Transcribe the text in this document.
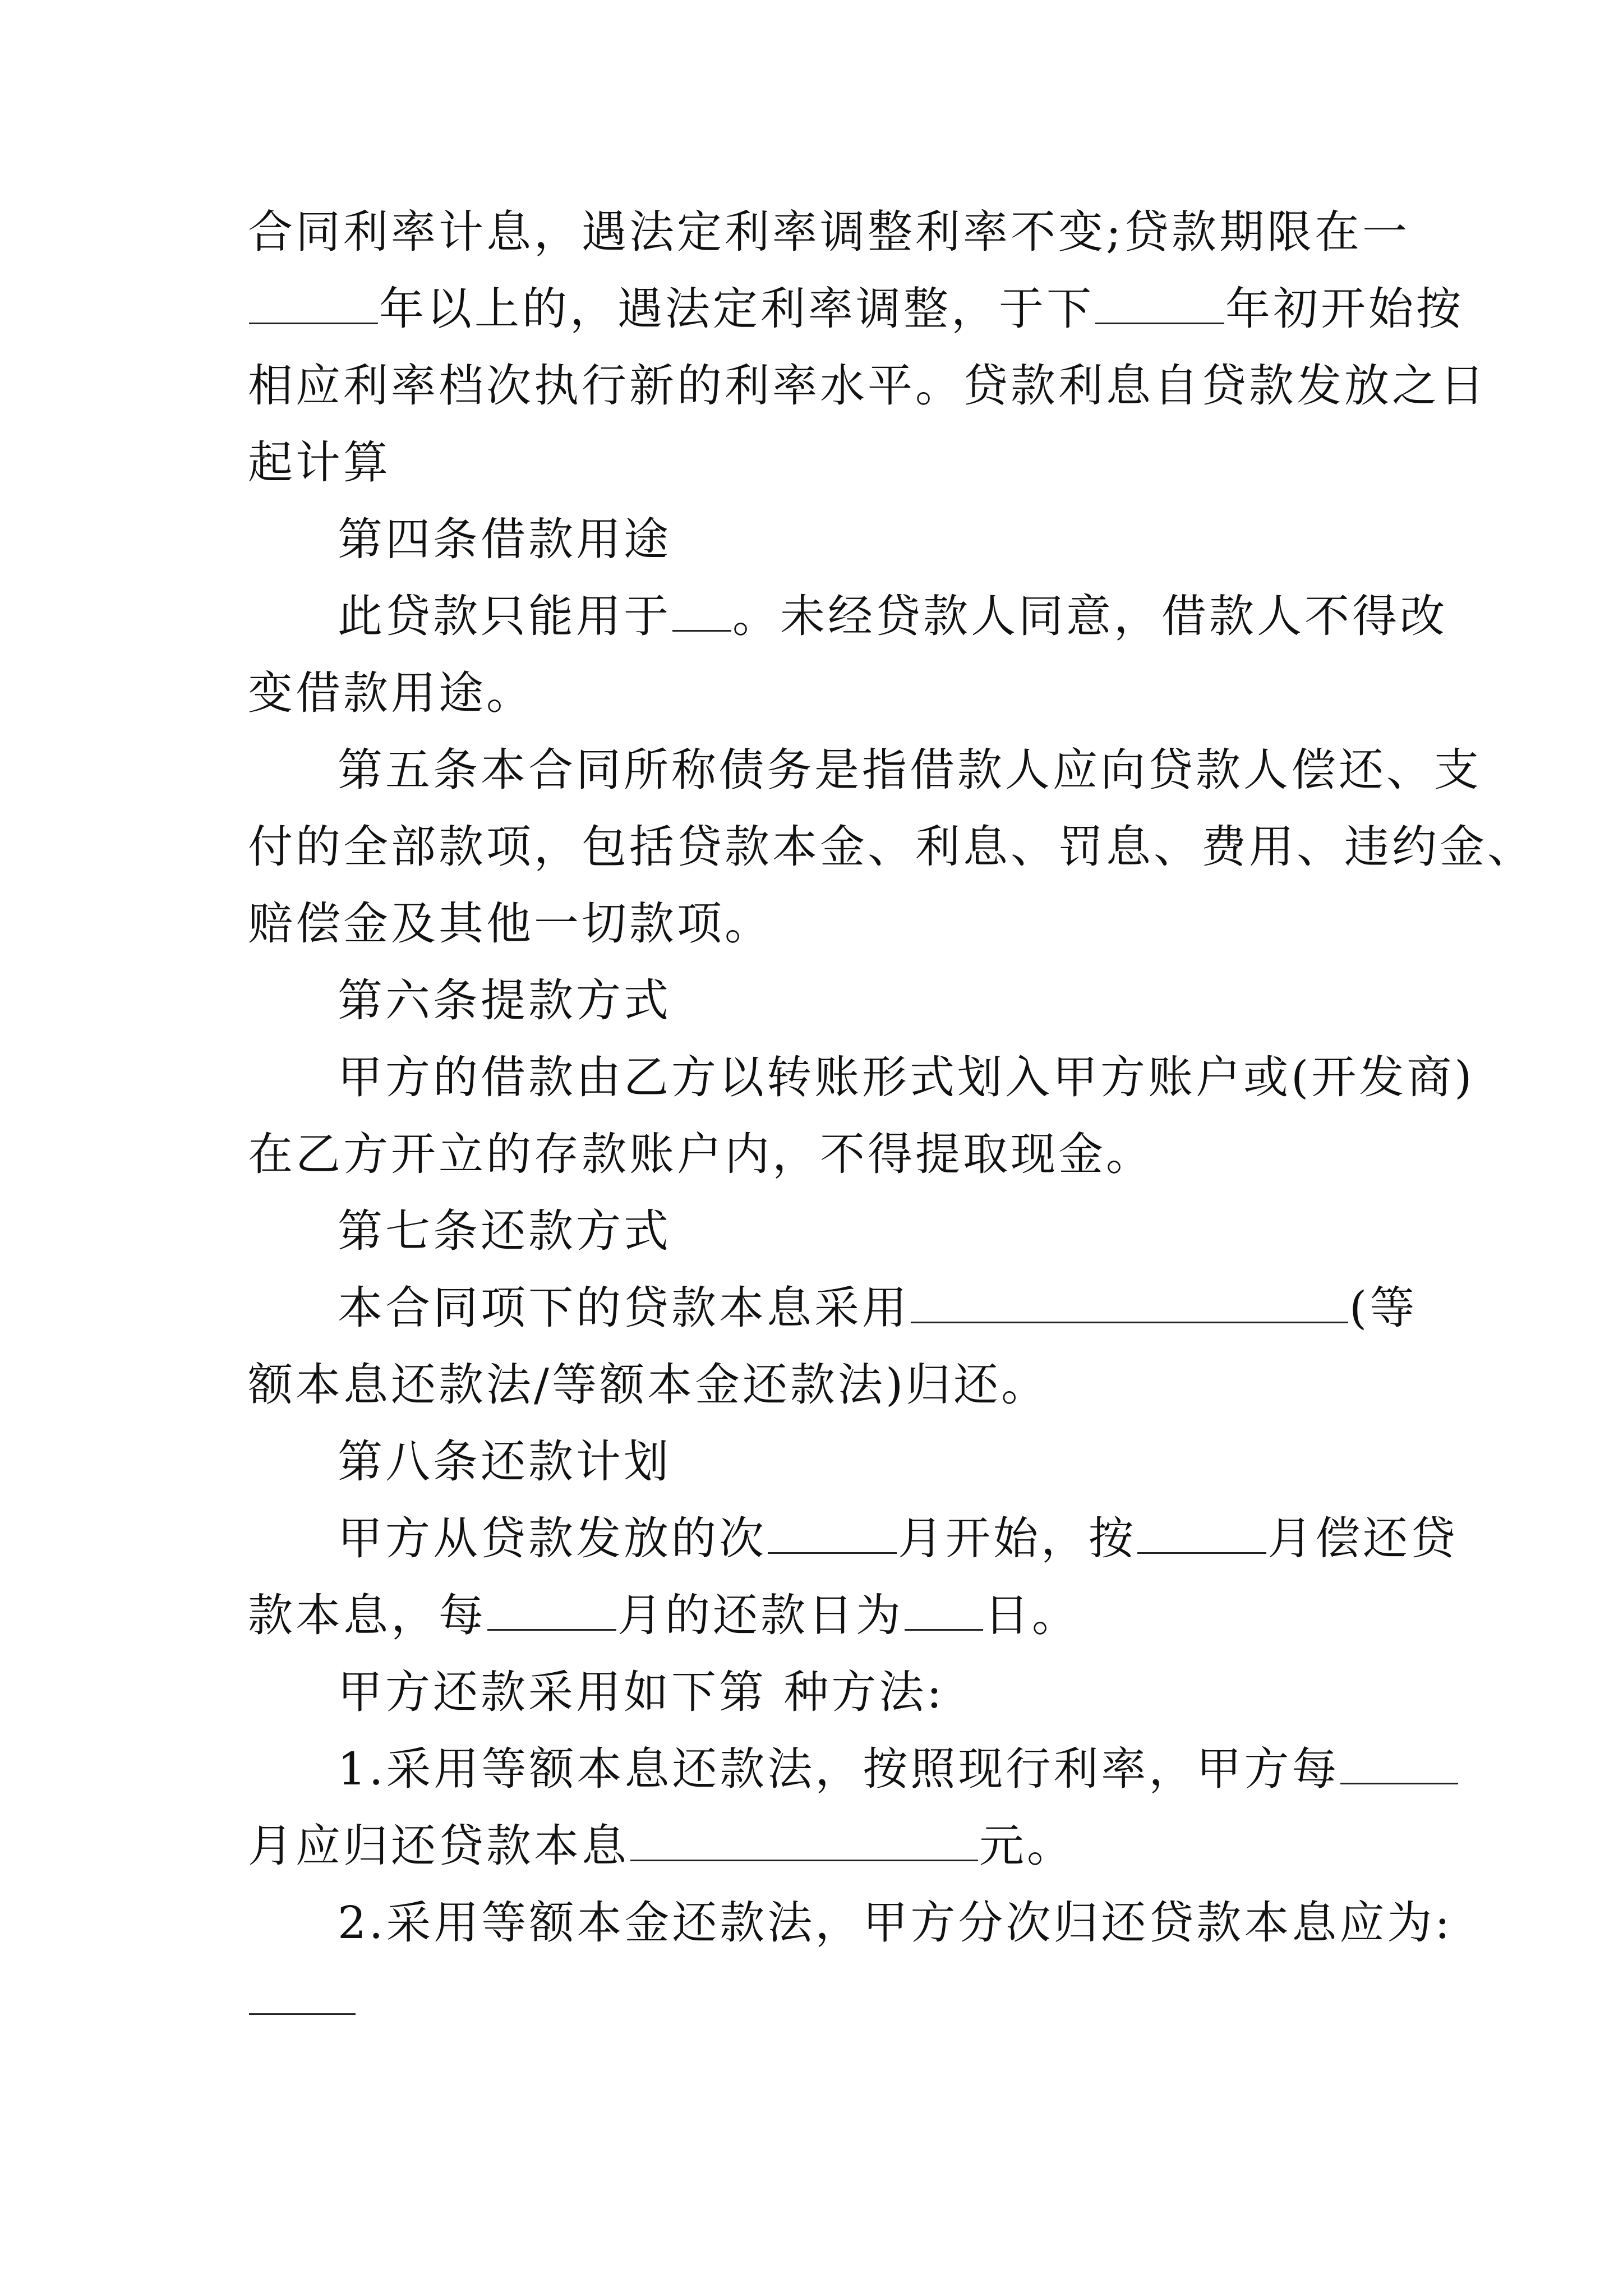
合同利率计息，遇法定利率调整利率不变;贷款期限在一
年以上的，遇法定利率调整，于下	年初开始按
相应利率档次执行新的利率水平。贷款利息自贷款发放之日
起计算
第四条借款用途
此贷款只能用于 。未经贷款人同意，借款人不得改
变借款用途。
第五条本合同所称债务是指借款人应向贷款人偿还、支
付的全部款项，包括贷款本金、利息、罚息、费用、违约金、
赔偿金及其他一切款项。
第六条提款方式
甲方的借款由乙方以转账形式划入甲方账户或(开发商)
在乙方开立的存款账户内，不得提取现金。
第七条还款方式
本合同项下的贷款本息采用	(等
额本息还款法/等额本金还款法)归还。
第八条还款计划
甲方从贷款发放的次	月开始，按	月偿还贷
款本息，每	月的还款日为 日。
甲方还款采用如下第 种方法:
1.采用等额本息还款法，按照现行利率，甲方每
月应归还贷款本息	元。
2.采用等额本金还款法，甲方分次归还贷款本息应为:
